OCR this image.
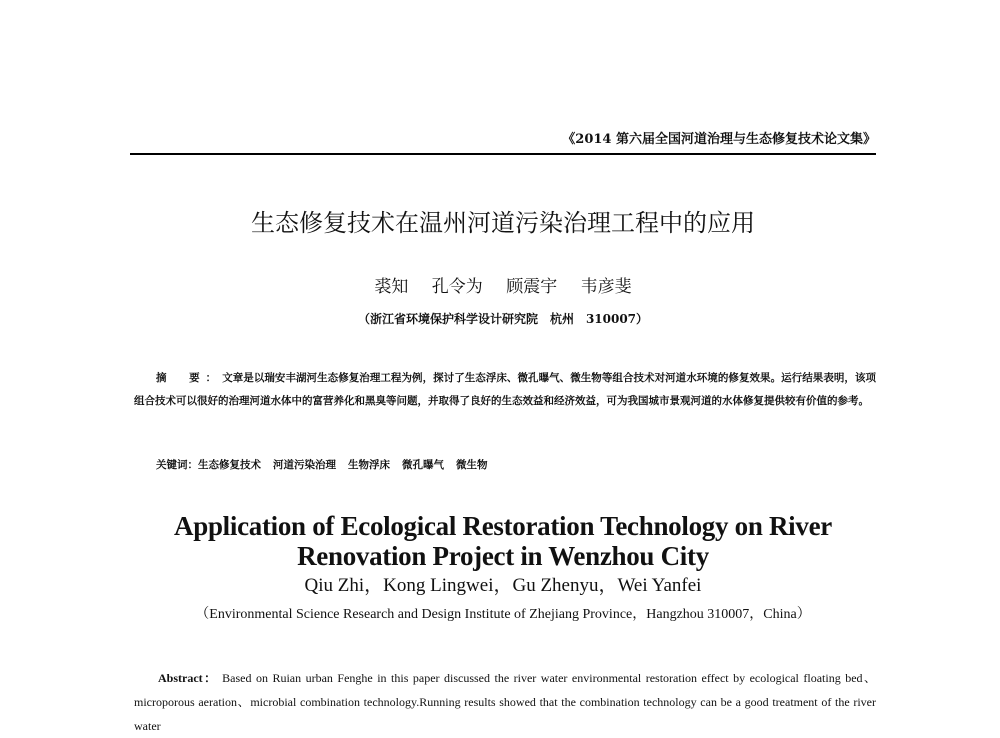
《2014 第六届全国河道治理与生态修复技术论文集》
生态修复技术在温州河道污染治理工程中的应用
裘知 孔令为 顾震宇 韦彦斐
（浙江省环境保护科学设计研究院　杭州　310007）
摘　要：文章是以瑞安丰湖河生态修复治理工程为例，探讨了生态浮床、微孔曝气、微生物等组合技术对河道水环境的修复效果。运行结果表明，该项组合技术可以很好的治理河道水体中的富营养化和黑臭等问题，并取得了良好的生态效益和经济效益，可为我国城市景观河道的水体修复提供较有价值的参考。
关键词：生态修复技术 河道污染治理 生物浮床 微孔曝气 微生物
Application of Ecological Restoration Technology on River
Renovation Project in Wenzhou City
Qiu Zhi，Kong Lingwei，Gu Zhenyu，Wei Yanfei
（Environmental Science Research and Design Institute of Zhejiang Province，Hangzhou 310007，China）
Abstract： Based on Ruian urban Fenghe in this paper discussed the river water environmental restoration effect by ecological floating bed、microporous aeration、microbial combination technology.Running results showed that the combination technology can be a good treatment of the river water
